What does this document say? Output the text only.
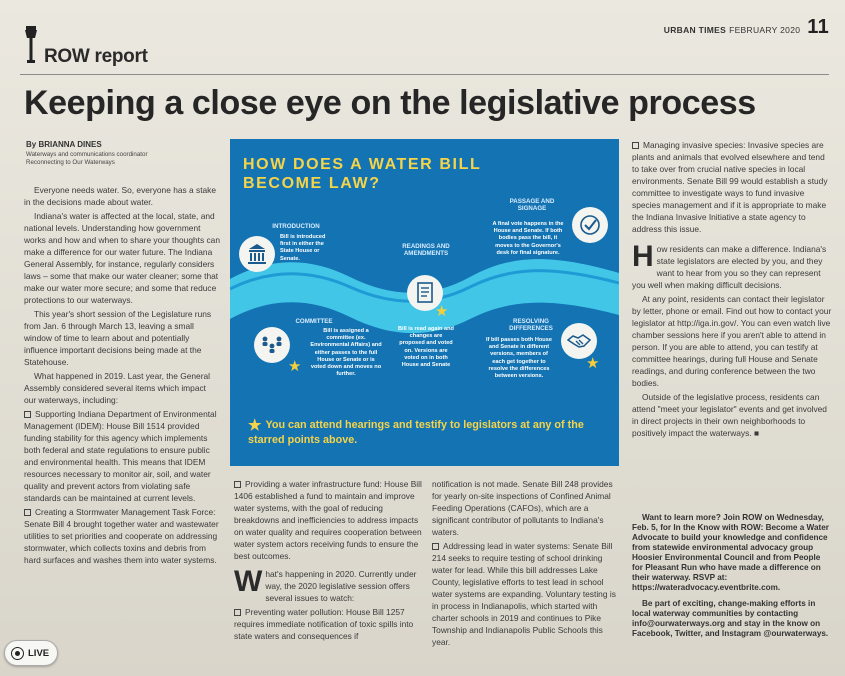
URBAN TIMES FEBRUARY 2020 11
ROW report
Keeping a close eye on the legislative process
By BRIANNA DINES
Waterways and communications coordinator
Reconnecting to Our Waterways

Everyone needs water. So, everyone has a stake in the decisions made about water.

Indiana's water is affected at the local, state, and national levels. Understanding how government works and how and when to share your thoughts can make a difference for our water future. The Indiana General Assembly, for instance, regularly considers laws – some that make our water cleaner; some that make our water more secure; and some that reduce protections to our waterways.

This year's short session of the Legislature runs from Jan. 6 through March 13, leaving a small window of time to learn about and potentially influence important decisions being made at the Statehouse.

What happened in 2019. Last year, the General Assembly considered several items which impact our waterways, including:

Supporting Indiana Department of Environmental Management (IDEM): House Bill 1514 provided funding stability for this agency which implements both federal and state regulations to ensure public and environmental health. This means that IDEM resources necessary to monitor air, soil, and water quality and prevent actors from violating safe standards can be maintained at current levels.

Creating a Stormwater Management Task Force: Senate Bill 4 brought together water and wastewater utilities to set priorities and cooperate on addressing stormwater, which collects toxins and debris from hard surfaces and washes them into water systems.

HOW DOES A WATER BILL
BECOME LAW?
INTRODUCTION
Bill is introduced first in either the State House or Senate.
READINGS AND AMENDMENTS
★
Bill is read again and changes are proposed and voted on. Versions are voted on in both House and Senate
PASSAGE AND SIGNAGE
A final vote happens in the House and Senate. If both bodies pass the bill, it moves to the Governor's desk for final signature.
COMMITTEE
★
Bill is assigned a committee (ex. Environmental Affairs) and either passes to the full House or Senate or is voted down and moves no further.
RESOLVING DIFFERENCES
If bill passes both House and Senate in different versions, members of each get together to resolve the differences between versions.
★
★ You can attend hearings and testify to legislators at any of the starred points above.

Providing a water infrastructure fund: House Bill 1406 established a fund to maintain and improve water systems, with the goal of reducing breakdowns and inefficiencies to address impacts on water quality and requires cooperation between water system actors receiving funds to ensure the best outcomes.

What's happening in 2020. Currently under way, the 2020 legislative session offers several issues to watch:

Preventing water pollution: House Bill 1257 requires immediate notification of toxic spills into state waters and consequences if

notification is not made. Senate Bill 248 provides for yearly on-site inspections of Confined Animal Feeding Operations (CAFOs), which are a significant contributor of pollutants to Indiana's waters.

Addressing lead in water systems: Senate Bill 214 seeks to require testing of school drinking water for lead. While this bill addresses Lake County, legislative efforts to test lead in school water systems are expanding. Voluntary testing is in process in Indianapolis, which started with charter schools in 2019 and continues to Pike Township and Indianapolis Public Schools this year.

Managing invasive species: Invasive species are plants and animals that evolved elsewhere and tend to take over from crucial native species in local environments. Senate Bill 99 would establish a study committee to investigate ways to fund invasive species management and if it is appropriate to make the Indiana Invasive Initiative a state agency to address this issue.

How residents can make a difference. Indiana's state legislators are elected by you, and they want to hear from you so they can represent you well when making difficult decisions.

At any point, residents can contact their legislator by letter, phone or email. Find out how to contact your legislator at http://iga.in.gov/. You can even watch live chamber sessions here if you aren't able to attend in person. If you are able to attend, you can testify at committee hearings, during full House and Senate readings, and during conference between the two bodies.

Outside of the legislative process, residents can attend "meet your legislator" events and get involved in direct projects in their own neighborhoods to positively impact the waterways. ■

Want to learn more? Join ROW on Wednesday, Feb. 5, for In the Know with ROW: Become a Water Advocate to build your knowledge and confidence from statewide environmental advocacy group Hoosier Environmental Council and from People for Pleasant Run who have made a difference on their waterway. RSVP at: https://wateradvocacy.eventbrite.com.

Be part of exciting, change-making efforts in local waterway communities by contacting info@ourwaterways.org and stay in the know on Facebook, Twitter, and Instagram @ourwaterways.

LIVE
